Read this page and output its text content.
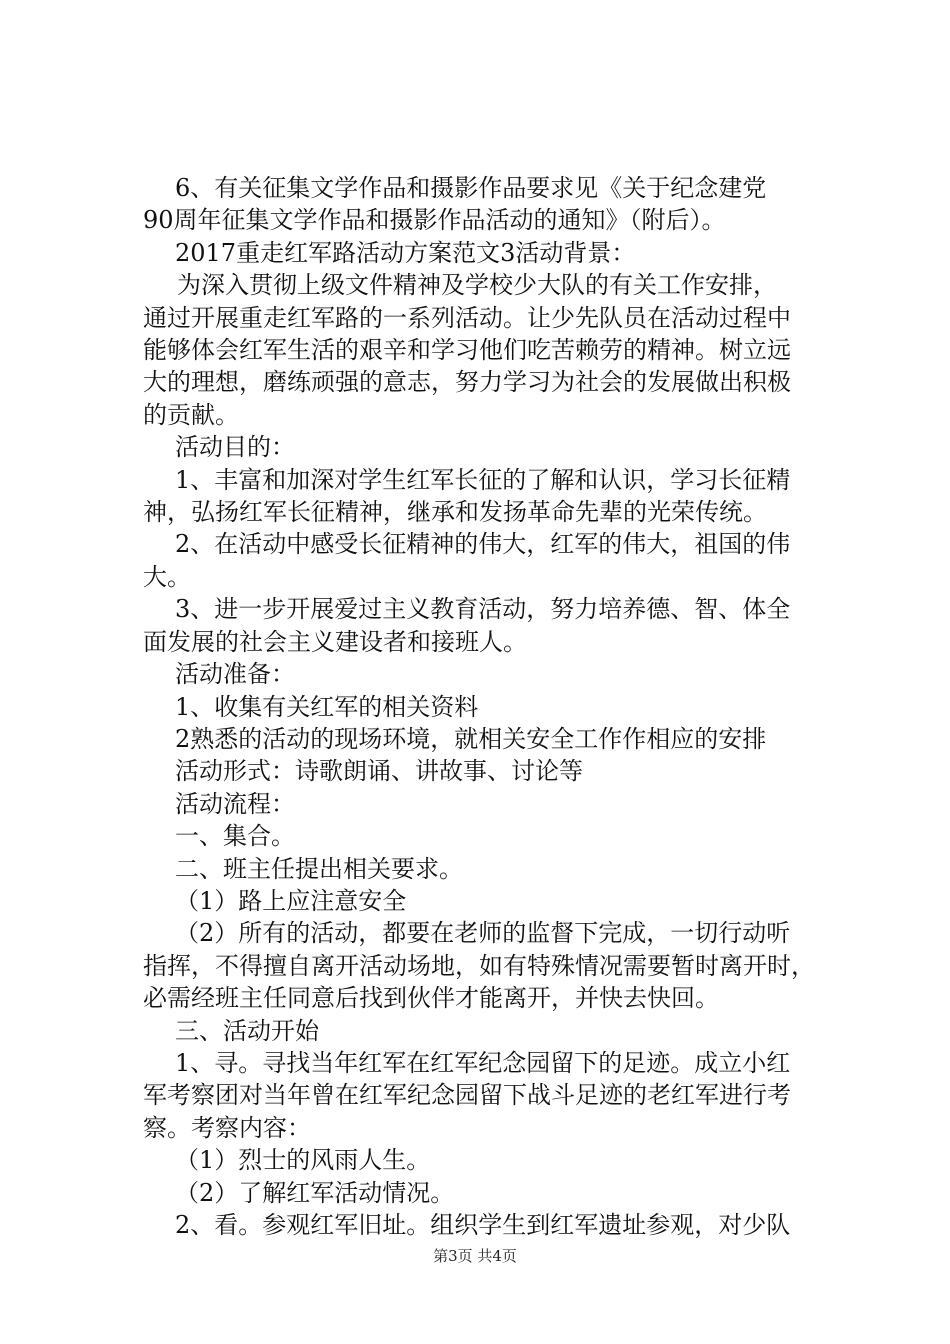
6、有关征集文学作品和摄影作品要求见《关于纪念建党
90周年征集文学作品和摄影作品活动的通知》（附后）。
2017重走红军路活动方案范文3活动背景：
为深入贯彻上级文件精神及学校少大队的有关工作安排，
通过开展重走红军路的一系列活动。让少先队员在活动过程中
能够体会红军生活的艰辛和学习他们吃苦赖劳的精神。树立远
大的理想，磨练顽强的意志，努力学习为社会的发展做出积极
的贡献。
活动目的：
1、丰富和加深对学生红军长征的了解和认识，学习长征精
神，弘扬红军长征精神，继承和发扬革命先辈的光荣传统。
2、在活动中感受长征精神的伟大，红军的伟大，祖国的伟
大。
3、进一步开展爱过主义教育活动，努力培养德、智、体全
面发展的社会主义建设者和接班人。
活动准备：
1、收集有关红军的相关资料
2熟悉的活动的现场环境，就相关安全工作作相应的安排
活动形式：诗歌朗诵、讲故事、讨论等
活动流程：
一、集合。
二、班主任提出相关要求。
（1）路上应注意安全
（2）所有的活动，都要在老师的监督下完成，一切行动听
指挥，不得擅自离开活动场地，如有特殊情况需要暂时离开时，
必需经班主任同意后找到伙伴才能离开，并快去快回。
三、活动开始
1、寻。寻找当年红军在红军纪念园留下的足迹。成立小红
军考察团对当年曾在红军纪念园留下战斗足迹的老红军进行考
察。考察内容：
（1）烈士的风雨人生。
（2）了解红军活动情况。
2、看。参观红军旧址。组织学生到红军遗址参观，对少队
第3页 共4页
